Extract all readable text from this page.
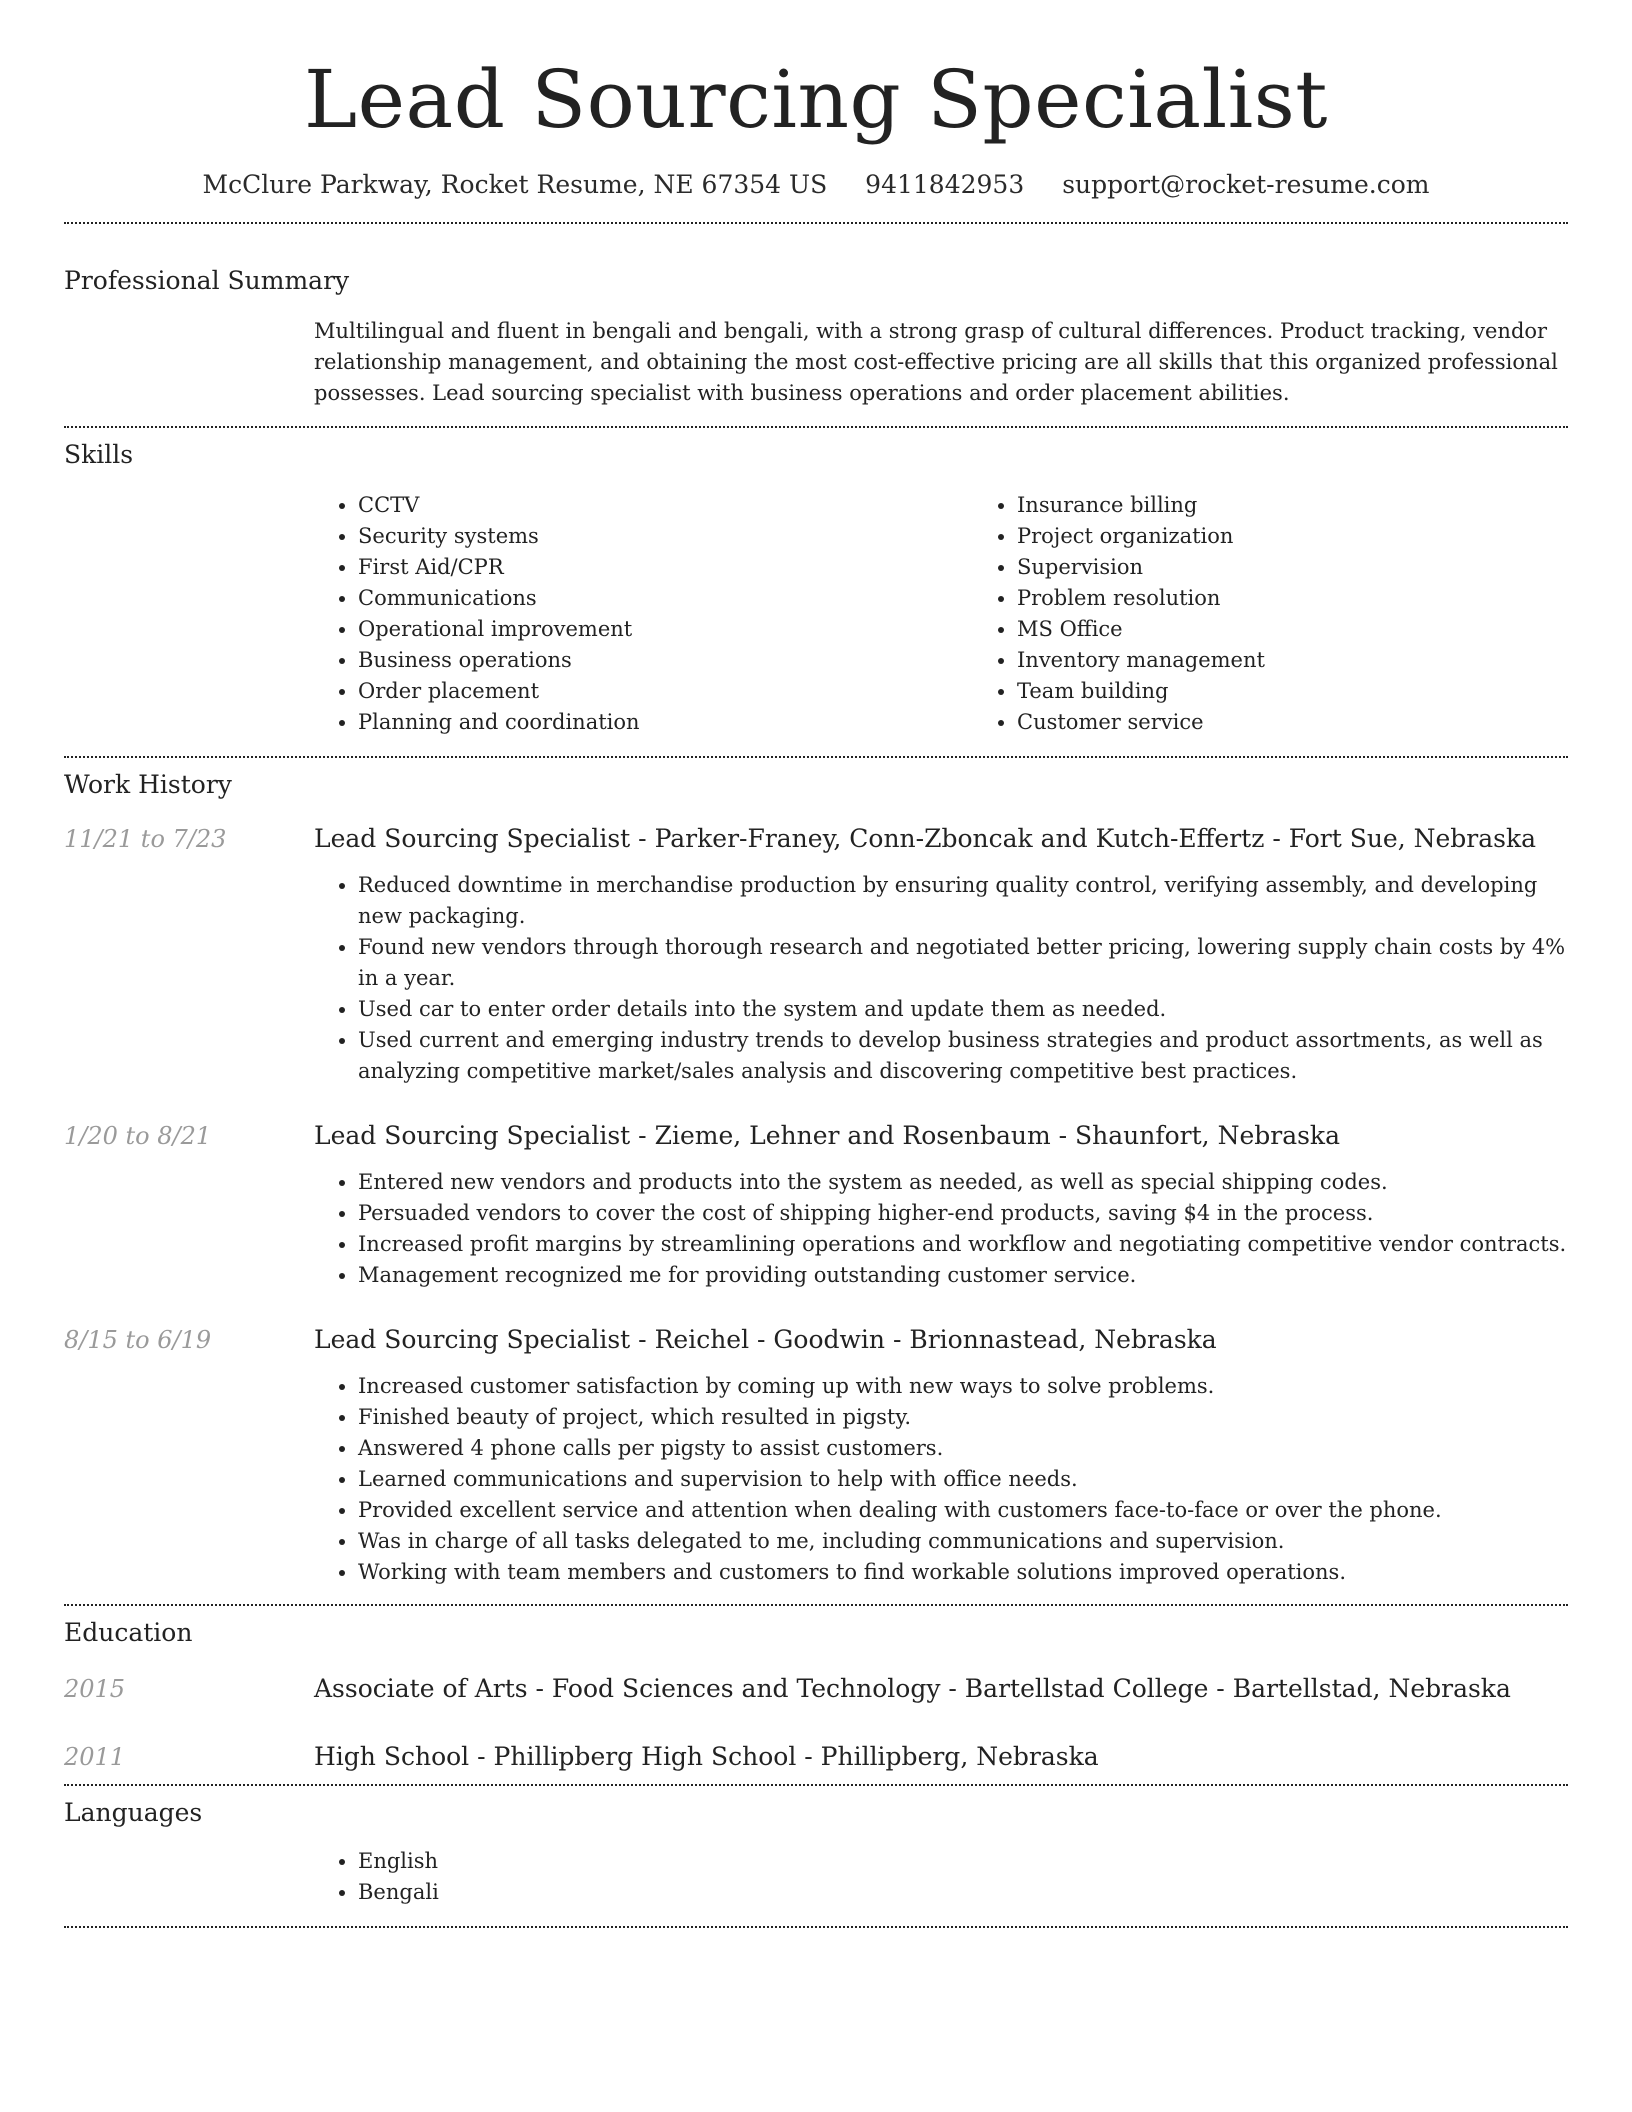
Lead Sourcing Specialist
McClure Parkway, Rocket Resume, NE 67354 US 9411842953 support@rocket-resume.com
Professional Summary

Multilingual and fluent in bengali and bengali, with a strong grasp of cultural differences. Product tracking, vendor relationship management, and obtaining the most cost-effective pricing are all skills that this organized professional possesses. Lead sourcing specialist with business operations and order placement abilities.

Skills
• CCTV
• Security systems
• First Aid/CPR
• Communications
• Operational improvement
• Business operations
• Order placement
• Planning and coordination
• Insurance billing
• Project organization
• Supervision
• Problem resolution
• MS Office
• Inventory management
• Team building
• Customer service
Work History
11/21 to 7/23	Lead Sourcing Specialist - Parker-Franey, Conn-Zboncak and Kutch-Effertz - Fort Sue, Nebraska
• Reduced downtime in merchandise production by ensuring quality control, verifying assembly, and developing new packaging.
• Found new vendors through thorough research and negotiated better pricing, lowering supply chain costs by 4% in a year.
• Used car to enter order details into the system and update them as needed.
• Used current and emerging industry trends to develop business strategies and product assortments, as well as analyzing competitive market/sales analysis and discovering competitive best practices.
1/20 to 8/21	Lead Sourcing Specialist - Zieme, Lehner and Rosenbaum - Shaunfort, Nebraska
• Entered new vendors and products into the system as needed, as well as special shipping codes.
• Persuaded vendors to cover the cost of shipping higher-end products, saving $4 in the process.
• Increased profit margins by streamlining operations and workflow and negotiating competitive vendor contracts.
• Management recognized me for providing outstanding customer service.
8/15 to 6/19	Lead Sourcing Specialist - Reichel - Goodwin - Brionnastead, Nebraska
• Increased customer satisfaction by coming up with new ways to solve problems.
• Finished beauty of project, which resulted in pigsty.
• Answered 4 phone calls per pigsty to assist customers.
• Learned communications and supervision to help with office needs.
• Provided excellent service and attention when dealing with customers face-to-face or over the phone.
• Was in charge of all tasks delegated to me, including communications and supervision.
• Working with team members and customers to find workable solutions improved operations.
Education
2015	Associate of Arts - Food Sciences and Technology - Bartellstad College - Bartellstad, Nebraska
2011	High School - Phillipberg High School - Phillipberg, Nebraska
Languages
• English
• Bengali
